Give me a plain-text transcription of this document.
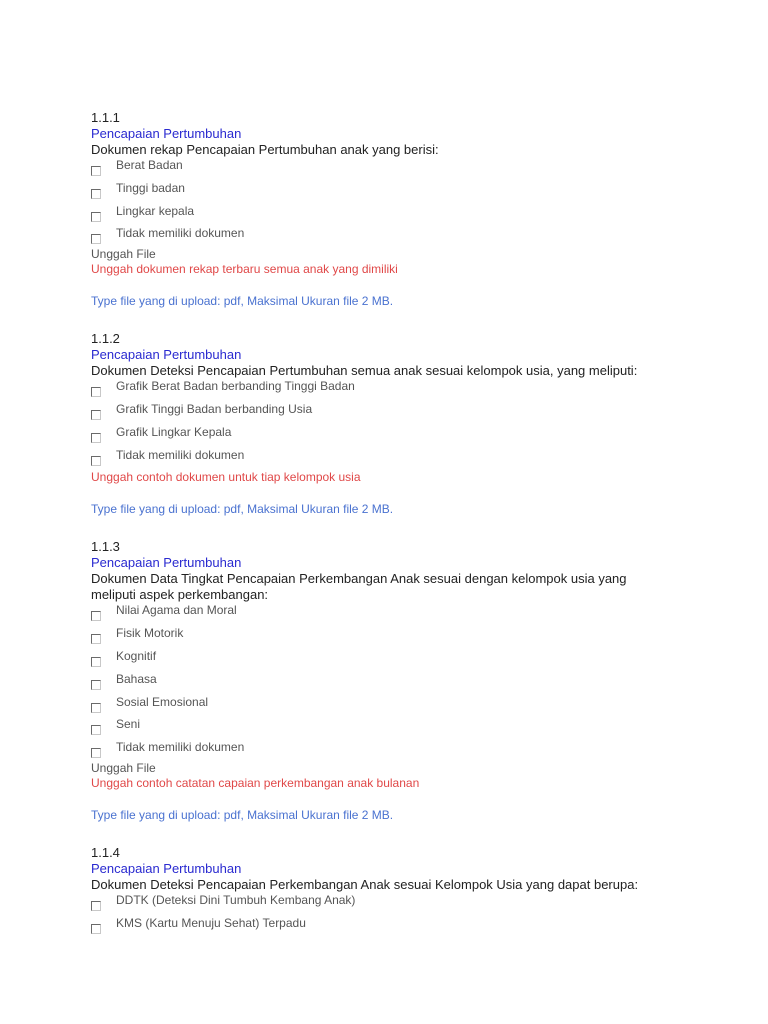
1.1.1
Pencapaian Pertumbuhan
Dokumen rekap Pencapaian Pertumbuhan anak yang berisi:
Berat Badan
Tinggi badan
Lingkar kepala
Tidak memiliki dokumen
Unggah File
Unggah dokumen rekap terbaru semua anak yang dimiliki
Type file yang di upload: pdf, Maksimal Ukuran file 2 MB.
1.1.2
Pencapaian Pertumbuhan
Dokumen Deteksi Pencapaian Pertumbuhan semua anak sesuai kelompok usia, yang meliputi:
Grafik Berat Badan berbanding Tinggi Badan
Grafik Tinggi Badan berbanding Usia
Grafik Lingkar Kepala
Tidak memiliki dokumen
Unggah contoh dokumen untuk tiap kelompok usia
Type file yang di upload: pdf, Maksimal Ukuran file 2 MB.
1.1.3
Pencapaian Pertumbuhan
Dokumen Data Tingkat Pencapaian Perkembangan Anak sesuai dengan kelompok usia yang meliputi aspek perkembangan:
Nilai Agama dan Moral
Fisik Motorik
Kognitif
Bahasa
Sosial Emosional
Seni
Tidak memiliki dokumen
Unggah File
Unggah contoh catatan capaian perkembangan anak bulanan
Type file yang di upload: pdf, Maksimal Ukuran file 2 MB.
1.1.4
Pencapaian Pertumbuhan
Dokumen Deteksi Pencapaian Perkembangan Anak sesuai Kelompok Usia yang dapat berupa:
DDTK (Deteksi Dini Tumbuh Kembang Anak)
KMS (Kartu Menuju Sehat) Terpadu
